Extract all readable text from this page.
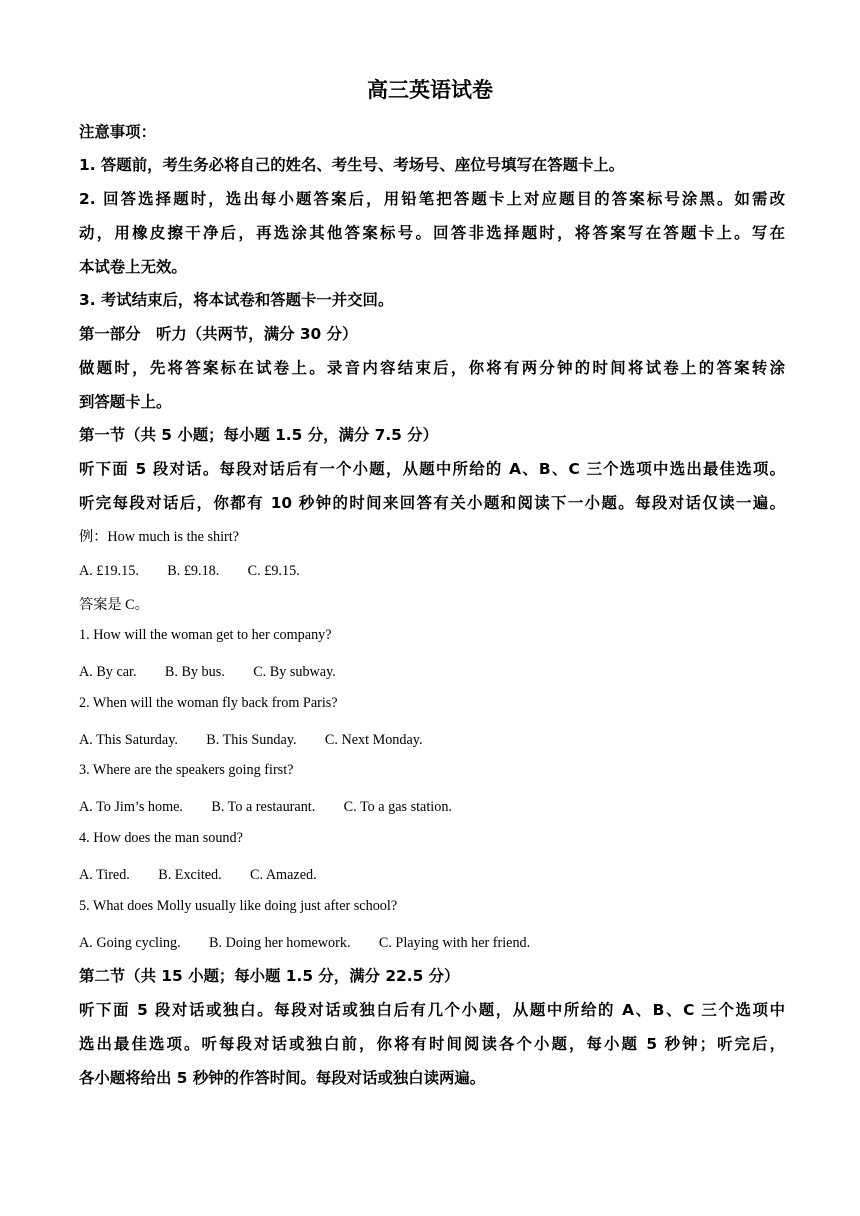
高三英语试卷
注意事项：
1. 答题前，考生务必将自己的姓名、考生号、考场号、座位号填写在答题卡上。
2. 回答选择题时，选出每小题答案后，用铅笔把答题卡上对应题目的答案标号涂黑。如需改
动，用橡皮擦干净后，再选涂其他答案标号。回答非选择题时，将答案写在答题卡上。写在
本试卷上无效。
3. 考试结束后，将本试卷和答题卡一并交回。
第一部分　听力（共两节，满分 30 分）
做题时，先将答案标在试卷上。录音内容结束后，你将有两分钟的时间将试卷上的答案转涂
到答题卡上。
第一节（共 5 小题；每小题 1.5 分，满分 7.5 分）
听下面 5 段对话。每段对话后有一个小题，从题中所给的 A、B、C 三个选项中选出最佳选项。
听完每段对话后，你都有 10 秒钟的时间来回答有关小题和阅读下一小题。每段对话仅读一遍。
例：How much is the shirt?
A. £19.15.　　B. £9.18.　　C. £9.15.
答案是 C。
1. How will the woman get to her company?
A. By car.　　B. By bus.　　C. By subway.
2. When will the woman fly back from Paris?
A. This Saturday.　　B. This Sunday.　　C. Next Monday.
3. Where are the speakers going first?
A. To Jim’s home.　　B. To a restaurant.　　C. To a gas station.
4. How does the man sound?
A. Tired.　　B. Excited.　　C. Amazed.
5. What does Molly usually like doing just after school?
A. Going cycling.　　B. Doing her homework.　　C. Playing with her friend.
第二节（共 15 小题；每小题 1.5 分，满分 22.5 分）
听下面 5 段对话或独白。每段对话或独白后有几个小题，从题中所给的 A、B、C 三个选项中
选出最佳选项。听每段对话或独白前，你将有时间阅读各个小题，每小题 5 秒钟；听完后，
各小题将给出 5 秒钟的作答时间。每段对话或独白读两遍。
